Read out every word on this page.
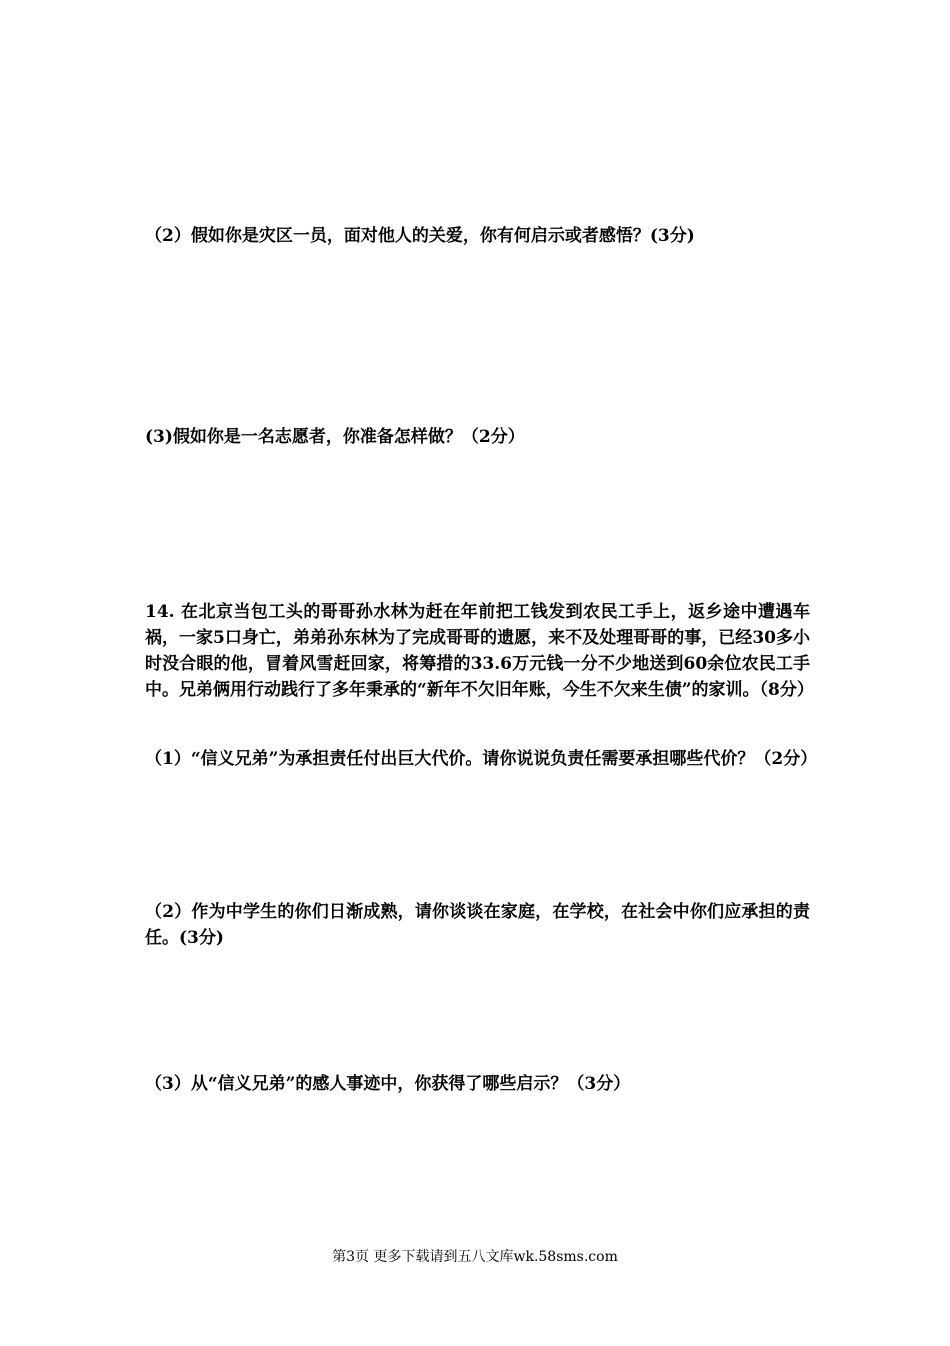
（2）假如你是灾区一员，面对他人的关爱，你有何启示或者感悟？(3分)

(3)假如你是一名志愿者，你准备怎样做？（2分）

14. 在北京当包工头的哥哥孙水林为赶在年前把工钱发到农民工手上，返乡途中遭遇车祸，一家5口身亡，弟弟孙东林为了完成哥哥的遗愿，来不及处理哥哥的事，已经30多小时没合眼的他，冒着风雪赶回家，将筹措的33.6万元钱一分不少地送到60余位农民工手中。兄弟俩用行动践行了多年秉承的“新年不欠旧年账，今生不欠来生债”的家训。（8分）

（1）“信义兄弟”为承担责任付出巨大代价。请你说说负责任需要承担哪些代价？（2分）

（2）作为中学生的你们日渐成熟，请你谈谈在家庭，在学校，在社会中你们应承担的责任。(3分)

（3）从“信义兄弟”的感人事迹中，你获得了哪些启示？（3分）

第3页 更多下载请到五八文库wk.58sms.com
